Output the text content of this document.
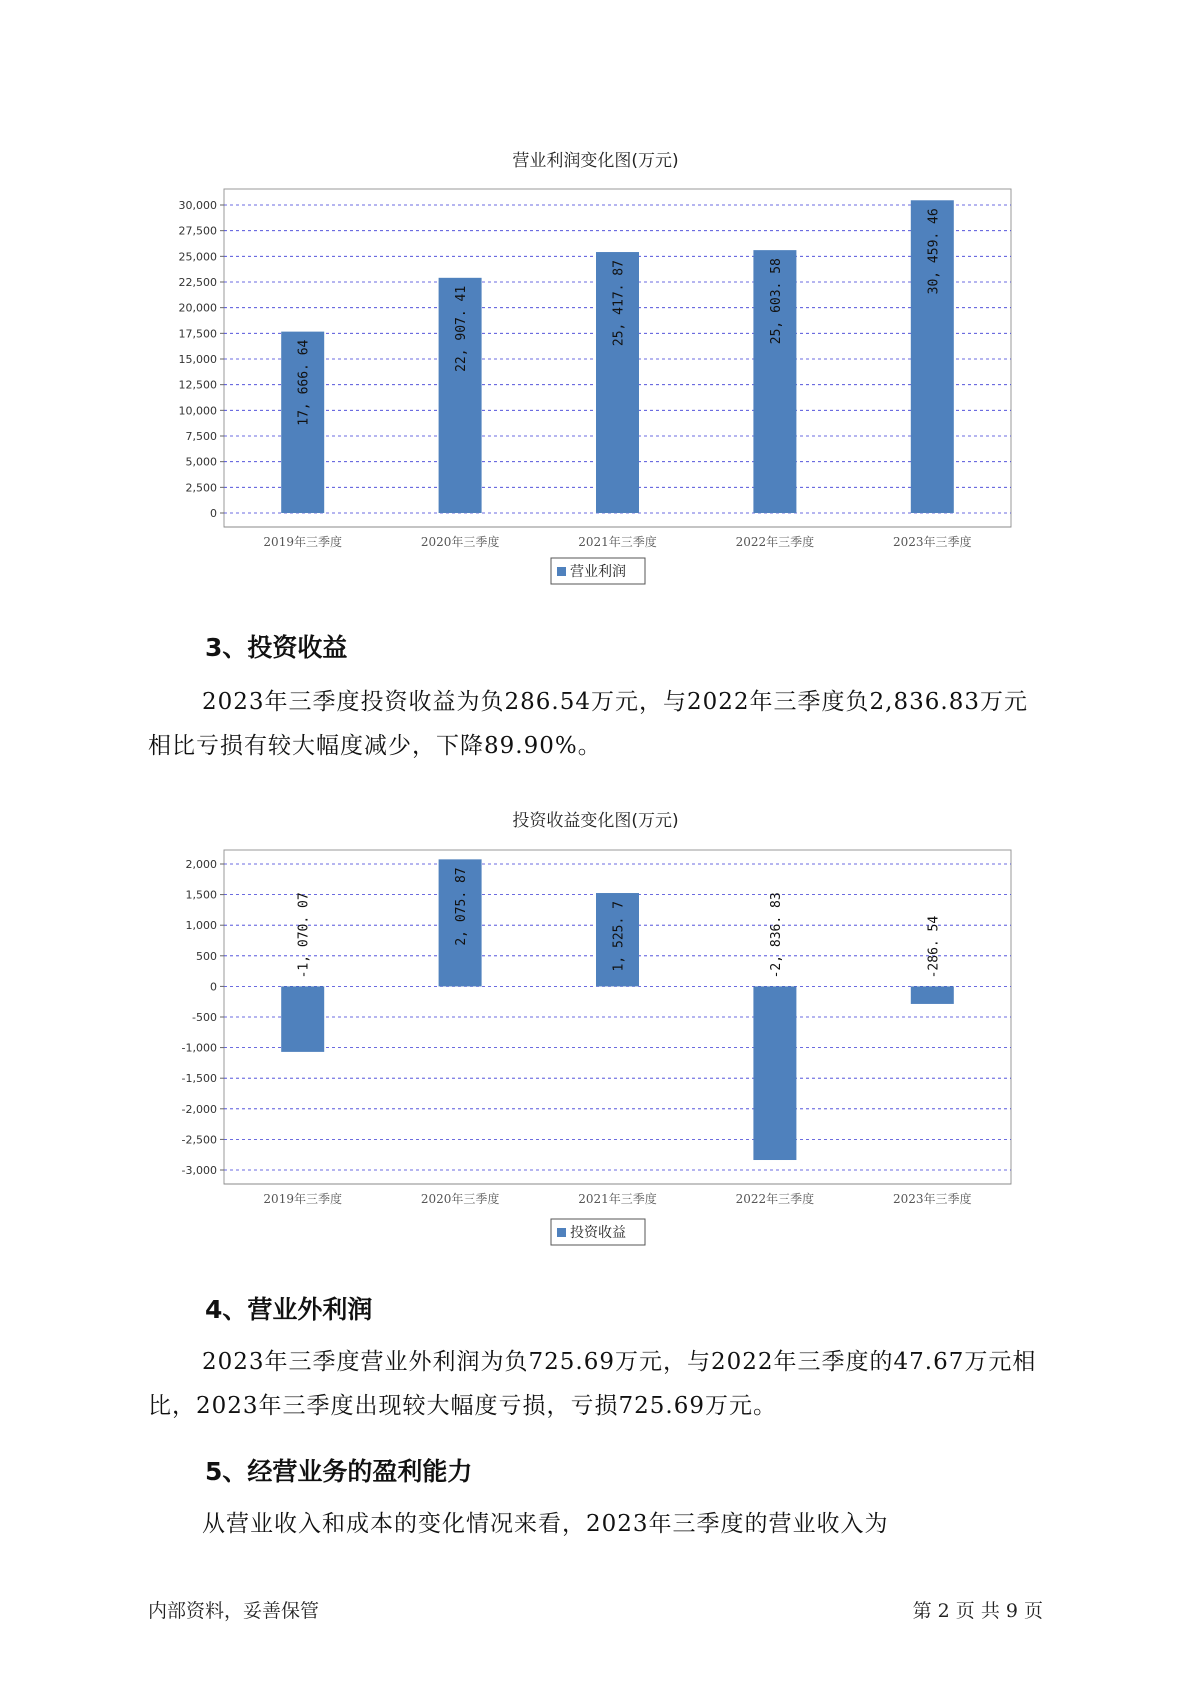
营业利润变化图(万元)
0
2,500
5,000
7,500
10,000
12,500
15,000
17,500
20,000
22,500
25,000
27,500
30,000
17, 666. 64
2019年三季度
22, 907. 41
2020年三季度
25, 417. 87
2021年三季度
25, 603. 58
2022年三季度
30, 459. 46
2023年三季度
营业利润
3、投资收益

2023年三季度投资收益为负286.54万元，与2022年三季度负2,836.83万元相比亏损有较大幅度减少，下降89.90%。

投资收益变化图(万元)
-3,000
-2,500
-2,000
-1,500
-1,000
-500
0
500
1,000
1,500
2,000
-1, 070. 07
2019年三季度
2, 075. 87
2020年三季度
1, 525. 7
2021年三季度
-2, 836. 83
2022年三季度
-286. 54
2023年三季度
投资收益
4、营业外利润

2023年三季度营业外利润为负725.69万元，与2022年三季度的47.67万元相比，2023年三季度出现较大幅度亏损，亏损725.69万元。

5、经营业务的盈利能力

从营业收入和成本的变化情况来看，2023年三季度的营业收入为

内部资料，妥善保管	第 2 页 共 9 页
